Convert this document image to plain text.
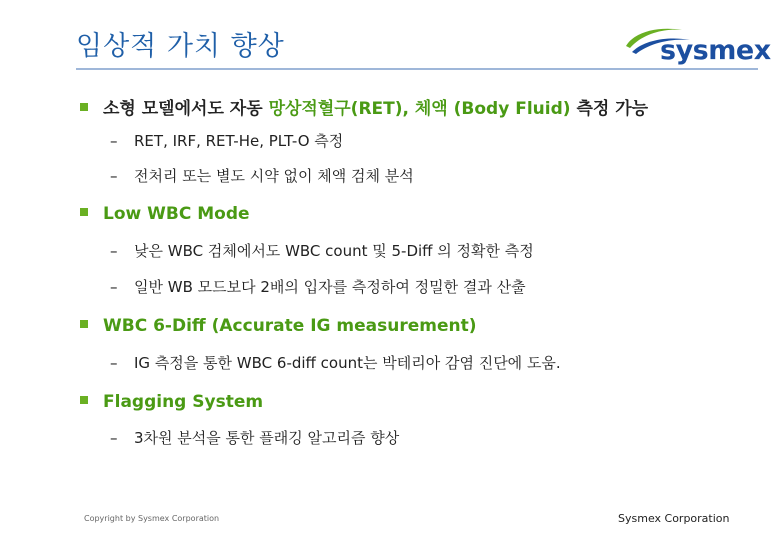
임상적 가치 향상	sysmex
소형 모델에서도 자동 망상적혈구(RET), 체액 (Body Fluid) 측정 가능
– RET, IRF, RET-He, PLT-O 측정
– 전처리 또는 별도 시약 없이 체액 검체 분석
Low WBC Mode
– 낮은 WBC 검체에서도 WBC count 및 5-Diff 의 정확한 측정
– 일반 WB 모드보다 2배의 입자를 측정하여 정밀한 결과 산출
WBC 6-Diff (Accurate IG measurement)
– IG 측정을 통한 WBC 6-diff count는 박테리아 감염 진단에 도움.
Flagging System
– 3차원 분석을 통한 플래깅 알고리즘 향상
Copyright by Sysmex Corporation	Sysmex Corporation
